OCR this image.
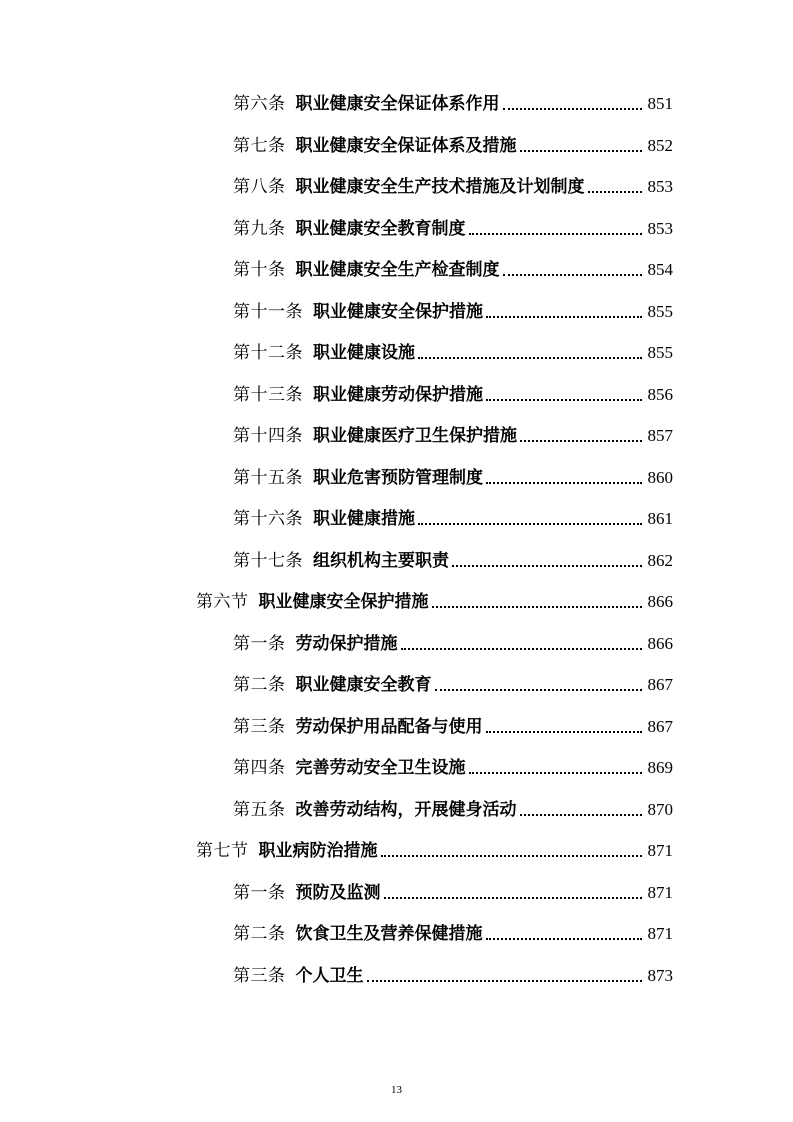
第六条 职业健康安全保证体系作用	851
第七条 职业健康安全保证体系及措施	852
第八条 职业健康安全生产技术措施及计划制度	853
第九条 职业健康安全教育制度	853
第十条 职业健康安全生产检查制度	854
第十一条 职业健康安全保护措施	855
第十二条 职业健康设施	855
第十三条 职业健康劳动保护措施	856
第十四条 职业健康医疗卫生保护措施	857
第十五条 职业危害预防管理制度	860
第十六条 职业健康措施	861
第十七条 组织机构主要职责	862
第六节 职业健康安全保护措施	866
第一条 劳动保护措施	866
第二条 职业健康安全教育	867
第三条 劳动保护用品配备与使用	867
第四条 完善劳动安全卫生设施	869
第五条 改善劳动结构，开展健身活动	870
第七节 职业病防治措施	871
第一条 预防及监测	871
第二条 饮食卫生及营养保健措施	871
第三条 个人卫生	873
13
